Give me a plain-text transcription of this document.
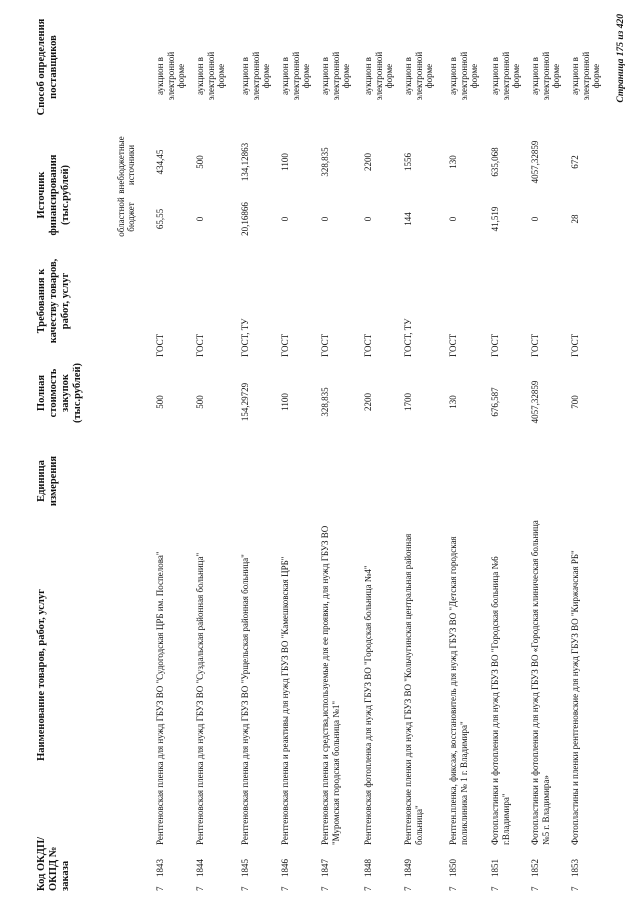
Код ОКДП/ ОКПД № заказа
Наименование товаров, работ, услуг
Единица измерения
Полная стоимость закупок (тыс.рублей)
Требования к качеству товаров, работ, услуг
Источник финансирования (тыс.рублей)
Способ определения поставщиков
областной бюджет
внебюджетные источники
7
1843
Рентгеновская пленка для нужд ГБУЗ ВО "Судогодская ЦРБ им. Поспелова"
500
ГОСТ
65,55
434,45
аукцион в электронной форме
7
1844
Рентгеновская пленка для нужд ГБУЗ ВО "Суздальская районная больница"
500
ГОСТ
0
500
аукцион в электронной форме
7
1845
Рентгеновская пленка для нужд ГБУЗ ВО "Урщельская районная больница"
154,29729
ГОСТ, ТУ
20,16866
134,12863
аукцион в электронной форме
7
1846
Рентгеновская пленка и реактивы для нужд ГБУЗ ВО "Камешковская ЦРБ"
1100
ГОСТ
0
1100
аукцион в электронной форме
7
1847
Рентгеновская пленка и средства,используемые для ее проявки, для нужд ГБУЗ ВО "Муромская городская больница №1"
328,835
ГОСТ
0
328,835
аукцион в электронной форме
7
1848
Рентгеновская фотопленка для нужд ГБУЗ ВО "Городская больница №4"
2200
ГОСТ
0
2200
аукцион в электронной форме
7
1849
Рентгеновские пленки для нужд ГБУЗ ВО "Кольчугинская центральная районная больница"
1700
ГОСТ, ТУ
144
1556
аукцион в электронной форме
7
1850
Рентген.пленка, фиксаж, восстановитель для нужд ГБУЗ ВО "Детская городская поликлиника № 1 г. Владимира"
130
ГОСТ
0
130
аукцион в электронной форме
7
1851
Фотопластинки и фотопленки для нужд ГБУЗ ВО "Городская больница №6 г.Владимира"
676,587
ГОСТ
41,519
635,068
аукцион в электронной форме
7
1852
Фотопластинки и фотопленки для нужд ГБУЗ ВО «Городская клиническая больница №5 г. Владимира»
4057,32859
ГОСТ
0
4057,32859
аукцион в электронной форме
7
1853
Фотопластины и пленки рентгеновские для нужд ГБУЗ ВО "Киржачская РБ"
700
ГОСТ
28
672
аукцион в электронной форме Страница 175 из 420
